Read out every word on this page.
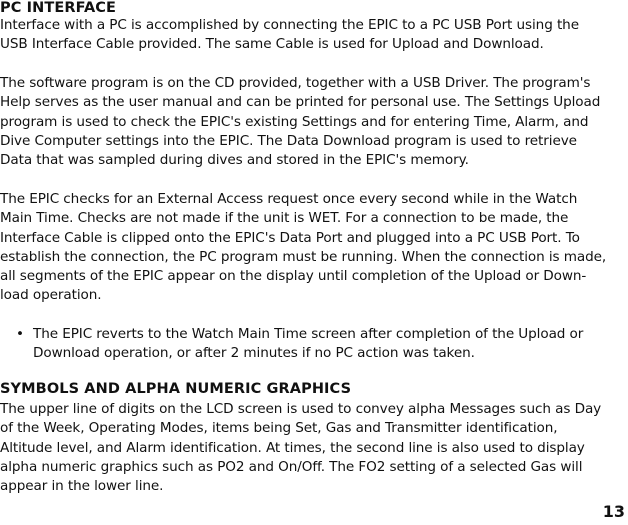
PC INTERFACE
Interface with a PC is accomplished by connecting the EPIC to a PC USB Port using the
USB Interface Cable provided. The same Cable is used for Upload and Download.
The software program is on the CD provided, together with a USB Driver. The program's
Help serves as the user manual and can be printed for personal use. The Settings Upload
program is used to check the EPIC's existing Settings and for entering Time, Alarm, and
Dive Computer settings into the EPIC. The Data Download program is used to retrieve
Data that was sampled during dives and stored in the EPIC's memory.
The EPIC checks for an External Access request once every second while in the Watch
Main Time. Checks are not made if the unit is WET. For a connection to be made, the
Interface Cable is clipped onto the EPIC's Data Port and plugged into a PC USB Port. To
establish the connection, the PC program must be running. When the connection is made,
all segments of the EPIC appear on the display until completion of the Upload or Down-
load operation.
• The EPIC reverts to the Watch Main Time screen after completion of the Upload or
Download operation, or after 2 minutes if no PC action was taken.
SYMBOLS AND ALPHA NUMERIC GRAPHICS
The upper line of digits on the LCD screen is used to convey alpha Messages such as Day
of the Week, Operating Modes, items being Set, Gas and Transmitter identification,
Altitude level, and Alarm identification. At times, the second line is also used to display
alpha numeric graphics such as PO2 and On/Off. The FO2 setting of a selected Gas will
appear in the lower line.

13
